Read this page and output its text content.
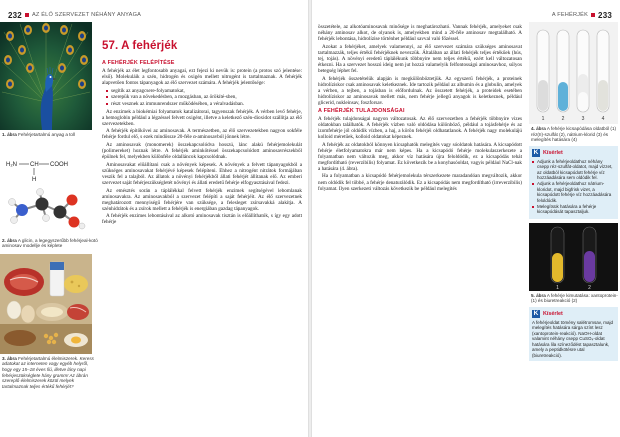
232 AZ ÉLŐ SZERVEZET NÉHÁNY ANYAGA
1. ábra Fehérjetartalmú anyag a toll
H₂N CH COOH
H
2. ábra A glicin, a legegyszerűbb fehérjeal-kotó aminosav modellje és képlete
3. ábra Fehérjetartalmú élelmiszerek. Keress adatokat az interneten vagy egyéb helyről, hogy egy 15–18 éves fiú, illetve lány napi fehérjeszükséglete hány gramm! Az ábrán szereplő élelmiszerek közül melyek tartalmaznak teljes értékű fehérjét?
57. A fehérjék
A FEHÉRJÉK FELÉPÍTÉSE

A fehérjék az élet legfontosabb anyagai, ezt fejezi ki nevük is: protein (a protos szó jelentése: első). Molekuláik a szén, hidrogén és oxigén mellett nitrogént is tartalmaznak. A fehérjék alapvetően fontos tápanyagok az élő szervezet számára. A fehérjék jelentősége:

segítik az anyagcsere-folyamatokat,
szerepük van a növekedésben, a mozgásban, az örökíté-sben,
részt vesznek az immunrendszer működésében, a véralvadásban.

Az enzimek a biokémiai folyamatok katalizátorai, tagyenszak fehérjék. A vérben levő fehérje, a hemoglobin például a légzéssel felvett oxigént, illetve a keletkező szén-dioxidot szállítja az élő szervezetekben.

A fehérjék építőkövei az aminosavak. A természetben, az élő szervezetekben nagyon sokféle fehérje fordul elő, s ezek mindössze 20-féle α-aminosavból jönnek létre.

Az aminosavak (monomerek) összekapcsolódva hosszú, lánc alakú fehérjemolekulát (polimereket) hoznak létre. A fehérjék aminkötéssel összekapcsolódott aminosavrészekből épülnek fel, melyekben különféle oldalláncok kapcsolódnak.

Aminosavakat előállítani csak a növények képesek. A növények a felvett tápanyagokból a szükséges aminosavakat fehérjévé képesek felépíteni. Ehhez a nitrogént nitrátok formájában veszik fel a talajból. Az állatok a növényi fehérjékből állati fehérjét állítanak elő. Az emberi szervezet saját fehérjeszükségletét növényi és állati eredetű fehérje elfogyasztásával fedezi.

Az emésztés során a táplálékkal felvett fehérjék enzimek segítségével lebomlanak aminosavakra. Az aminosavakból a szervezet felépíti a saját fehérjéit. Az élő szervezetnek meghatározott mennyiségű fehérjére van szüksége, a felesleget zsírsavakká alakítja. A szénhidrátok és a zsírok mellett a fehérjék is energiában gazdag tápanyagok.

A fehérjék enzimes lebontásával az alkotó aminosavak tisztán is előállíthatók, s így egy adott fehérje

A FEHÉRJÉK 233

összetétele, az alkotóaminosavak minősége is meghatározható. Vannak fehérjék, amelyeket csak néhány aminosav alkot, de olyanok is, amelyekben mind a 20-féle aminosav megtalálható. A fehérjék lebontása, hidrolízise történhet például savval való főzéssel.

Azokat a fehérjéket, amelyek valamennyi, az élő szervezet számára szükséges aminosavat tartalmazzák, teljes értékű fehérjéknek nevezzük. Általában az állati fehérjék teljes értékűek (hús, tej, tojás). A növényi eredetű táplálékunk többnyire nem teljes értékű, ezért kell változatosan étkezni. Ha a szervezet hosszú ideig nem jut hozzá valamelyik felfontosságú aminosavhoz, súlyos betegség léphet fel.

A fehérjék összetételük alapján is megkülönböztetjük. Az egyszerű fehérjék, a proteinek hidrolíziskor csak aminosavak keletkeznek. Ide tartozik például az albumin és a globulin, amelyek a vérben, a tejben, a tojásban is előfordulnak. Az összetett fehérjék, a proteidek esetében hidrolíziskor az aminosavak mellett más, nem fehérje jellegű anyagok is keletkeznek, például glicerid, nukleinsav, foszforsav.

A FEHÉRJÉK TULAJDONSÁGAI

A fehérjék tulajdonságai nagyon változatosak. Az élő szervezetben a fehérjék többnyire vizes oldatokban találhatók. A fehérjék vízben való oldódása különböző, például a tojásfehérje és az izomfehérje jól oldódik vízben, a haj, a körön fehérjéi oldhatatlanok. A fehérjék nagy molekulájú kolloid méretűek, kolloid oldatokat képeznek.

A fehérjék az oldatokból könnyen kicsaphatók melegítés vagy sóoldatok hatására. A kicsapódott fehérje életfolyamatokra már nem képes. Ha a kicsapódó fehérje molekulaszerkezete a folyamatban nem változik meg, akkor víz hatására újra feloldódik, ez a kicsapódás tehát megfordítható (reverzibilis) folyamat. Ez következik be a konyhasóoldat, vagyis például NaCl-nak a hatására (4. ábra).

Ha a folyamatban a kicsapódó fehérjemolekula térszerkezete maradandóan megváltozik, akkor nem oldódik fel többé, a fehérje denaturálódik. Ez a kicsapódás nem megfordítható (irreverzibilis) folyamat. Ilyen szerkezeti változás következik be például melegítés

1	2	3	4
4. ábra A fehérje kicsapódása oldatból (1) réz(II)-szulfát (2), nátrium-klorid (3) és melegítés hatására (4)
K Kísérlet
Adjunk a fehérjeoldathoz néhány csepp réz-szulfát-oldatot, majd vízzet, az oldatból kicsapódott fehérje víz hozzáadására sem oldódik fel.
Adjunk a fehérjeoldathoz nátrium-kloridot, majd bigfrisk vizet, a kicsapódott fehérje víz hozzáadására feloldódik.
Melegítsük hatására a fehérje kicsapódását tapasztaljuk.
1	2
5. ábra A fehérje kimutatása: xantoprotein- (1) és biuretreakció (2)
K Kísérlet

A fehérjeoldat tömény salétromsav, majd melegítés hatására sárga színt lesz (xantoprotein-reakció). NaOH-oldat valamint néhány csepp CuSO₄-oldat hatására lila színeződést tapasztalunk, amely a peptidkötésre utal (biuretreakció).
